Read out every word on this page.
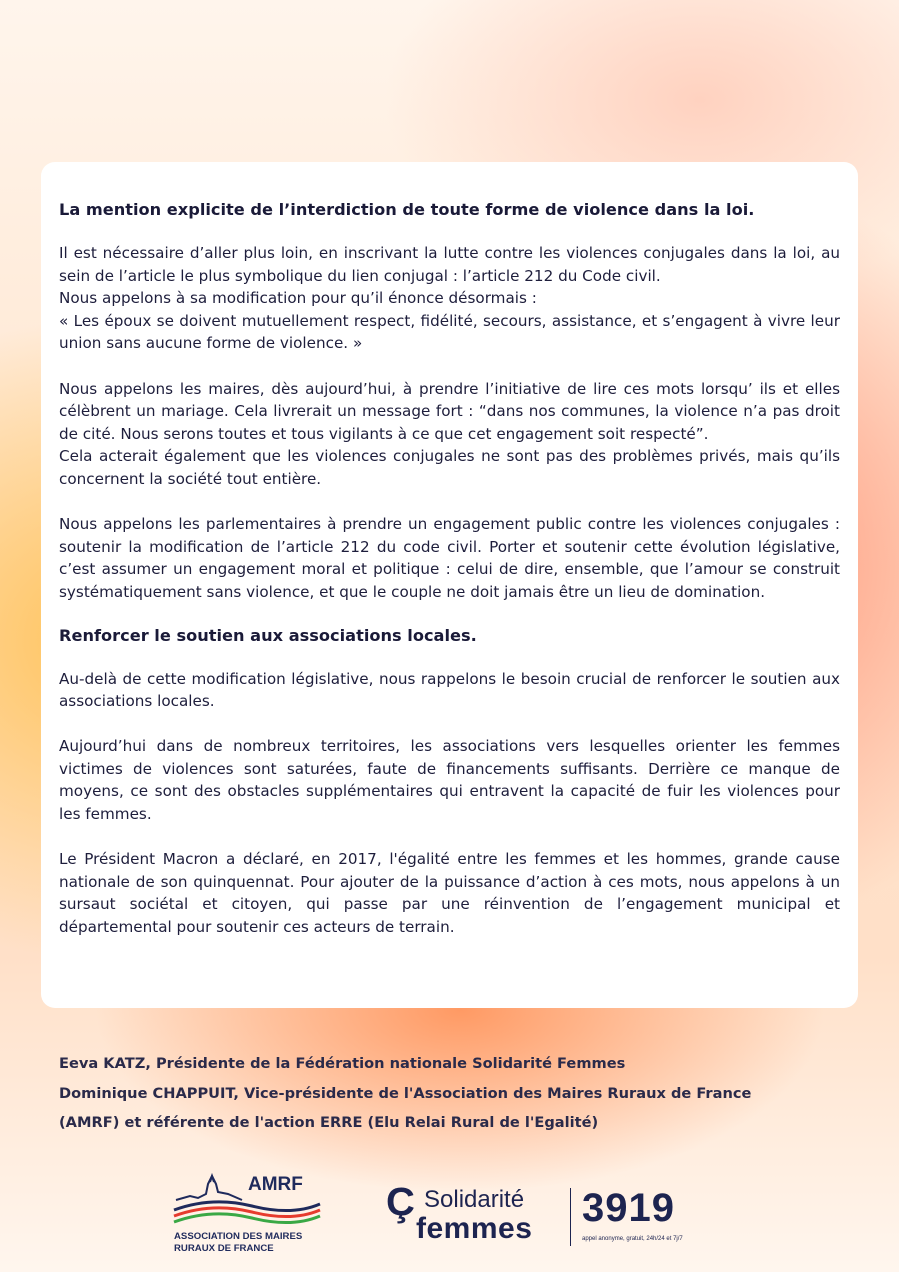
La mention explicite de l’interdiction de toute forme de violence dans la loi.

Il est nécessaire d’aller plus loin, en inscrivant la lutte contre les violences conjugales dans la loi, au sein de l’article le plus symbolique du lien conjugal : l’article 212 du Code civil.

Nous appelons à sa modification pour qu’il énonce désormais :

« Les époux se doivent mutuellement respect, fidélité, secours, assistance, et s’engagent à vivre leur union sans aucune forme de violence. »

Nous appelons les maires, dès aujourd’hui, à prendre l’initiative de lire ces mots lorsqu’ ils et elles célèbrent un mariage. Cela livrerait un message fort : “dans nos communes, la violence n’a pas droit de cité. Nous serons toutes et tous vigilants à ce que cet engagement soit respecté”.

Cela acterait également que les violences conjugales ne sont pas des problèmes privés, mais qu’ils concernent la société tout entière.

Nous appelons les parlementaires à prendre un engagement public contre les violences conjugales : soutenir la modification de l’article 212 du code civil. Porter et soutenir cette évolution législative, c’est assumer un engagement moral et politique : celui de dire, ensemble, que l’amour se construit systématiquement sans violence, et que le couple ne doit jamais être un lieu de domination.

Renforcer le soutien aux associations locales.

Au-delà de cette modification législative, nous rappelons le besoin crucial de renforcer le soutien aux associations locales.

Aujourd’hui dans de nombreux territoires, les associations vers lesquelles orienter les femmes victimes de violences sont saturées, faute de financements suffisants. Derrière ce manque de moyens, ce sont des obstacles supplémentaires qui entravent la capacité de fuir les violences pour les femmes.

Le Président Macron a déclaré, en 2017, l'égalité entre les femmes et les hommes, grande cause nationale de son quinquennat. Pour ajouter de la puissance d’action à ces mots, nous appelons à un sursaut sociétal et citoyen, qui passe par une réinvention de l’engagement municipal et départemental pour soutenir ces acteurs de terrain.

Eeva KATZ, Présidente de la Fédération nationale Solidarité Femmes
Dominique CHAPPUIT, Vice-présidente de l'Association des Maires Ruraux de France
(AMRF) et référente de l'action ERRE (Elu Relai Rural de l'Egalité)
AMRF
ASSOCIATION DES MAIRES
RURAUX DE FRANCE
Ç Solidarité
femmes 3919
appel anonyme, gratuit, 24h/24 et 7j/7
